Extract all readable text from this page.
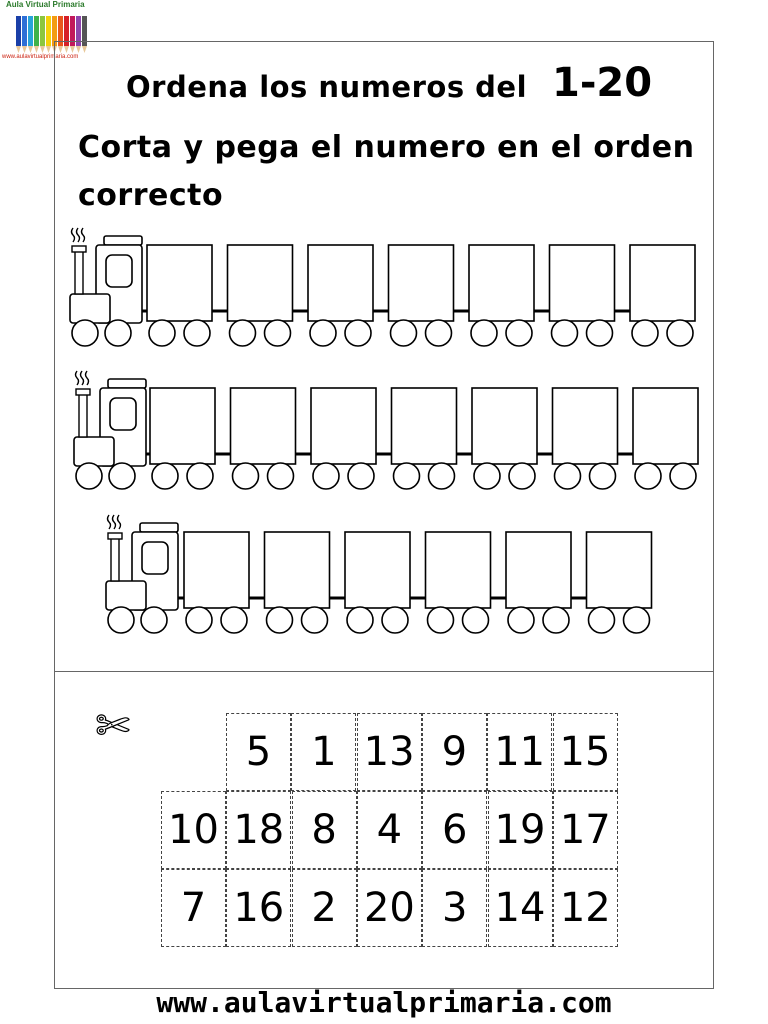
Aula Virtual Primaria
www.aulavirtualprimaria.com
Ordena los numeros del 1-20
Corta y pega el numero en el orden correcto
✄
5 1 13 9 11 15
10 18 8 4 6 19 17
7 16 2 20 3 14 12
www.aulavirtualprimaria.com
